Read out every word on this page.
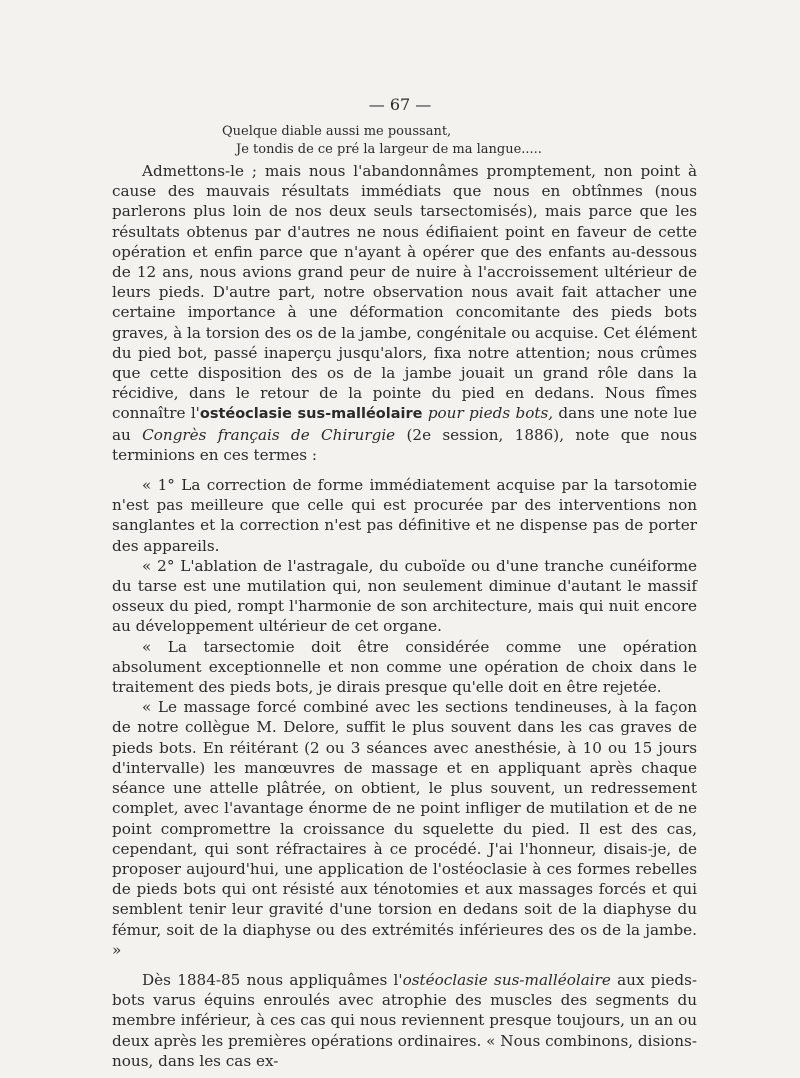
— 67 —
Quelque diable aussi me poussant,
Je tondis de ce pré la largeur de ma langue.....

Admettons-le ; mais nous l'abandonnâmes promptement, non point à cause des mauvais résultats immédiats que nous en obtînmes (nous parlerons plus loin de nos deux seuls tarsectomisés), mais parce que les résultats obtenus par d'autres ne nous édifiaient point en faveur de cette opération et enfin parce que n'ayant à opérer que des enfants au-dessous de 12 ans, nous avions grand peur de nuire à l'accroissement ultérieur de leurs pieds. D'autre part, notre observation nous avait fait attacher une certaine importance à une déformation concomitante des pieds bots graves, à la torsion des os de la jambe, congénitale ou acquise. Cet élément du pied bot, passé inaperçu jusqu'alors, fixa notre attention; nous crûmes que cette disposition des os de la jambe jouait un grand rôle dans la récidive, dans le retour de la pointe du pied en dedans. Nous fîmes connaître l'ostéoclasie sus-malléolaire pour pieds bots, dans une note lue au Congrès français de Chirurgie (2e session, 1886), note que nous terminions en ces termes :

« 1° La correction de forme immédiatement acquise par la tarsotomie n'est pas meilleure que celle qui est procurée par des interventions non sanglantes et la correction n'est pas définitive et ne dispense pas de porter des appareils.

« 2° L'ablation de l'astragale, du cuboïde ou d'une tranche cunéiforme du tarse est une mutilation qui, non seulement diminue d'autant le massif osseux du pied, rompt l'harmonie de son architecture, mais qui nuit encore au développement ultérieur de cet organe.

« La tarsectomie doit être considérée comme une opération absolument exceptionnelle et non comme une opération de choix dans le traitement des pieds bots, je dirais presque qu'elle doit en être rejetée.

« Le massage forcé combiné avec les sections tendineuses, à la façon de notre collègue M. Delore, suffit le plus souvent dans les cas graves de pieds bots. En réitérant (2 ou 3 séances avec anesthésie, à 10 ou 15 jours d'intervalle) les manœuvres de massage et en appliquant après chaque séance une attelle plâtrée, on obtient, le plus souvent, un redressement complet, avec l'avantage énorme de ne point infliger de mutilation et de ne point compromettre la croissance du squelette du pied. Il est des cas, cependant, qui sont réfractaires à ce procédé. J'ai l'honneur, disais-je, de proposer aujourd'hui, une application de l'ostéoclasie à ces formes rebelles de pieds bots qui ont résisté aux ténotomies et aux massages forcés et qui semblent tenir leur gravité d'une torsion en dedans soit de la diaphyse du fémur, soit de la diaphyse ou des extrémités inférieures des os de la jambe. »

Dès 1884-85 nous appliquâmes l'ostéoclasie sus-malléolaire aux pieds-bots varus équins enroulés avec atrophie des muscles des segments du membre inférieur, à ces cas qui nous reviennent presque toujours, un an ou deux après les premières opérations ordinaires. « Nous combinons, disions-nous, dans les cas ex-
